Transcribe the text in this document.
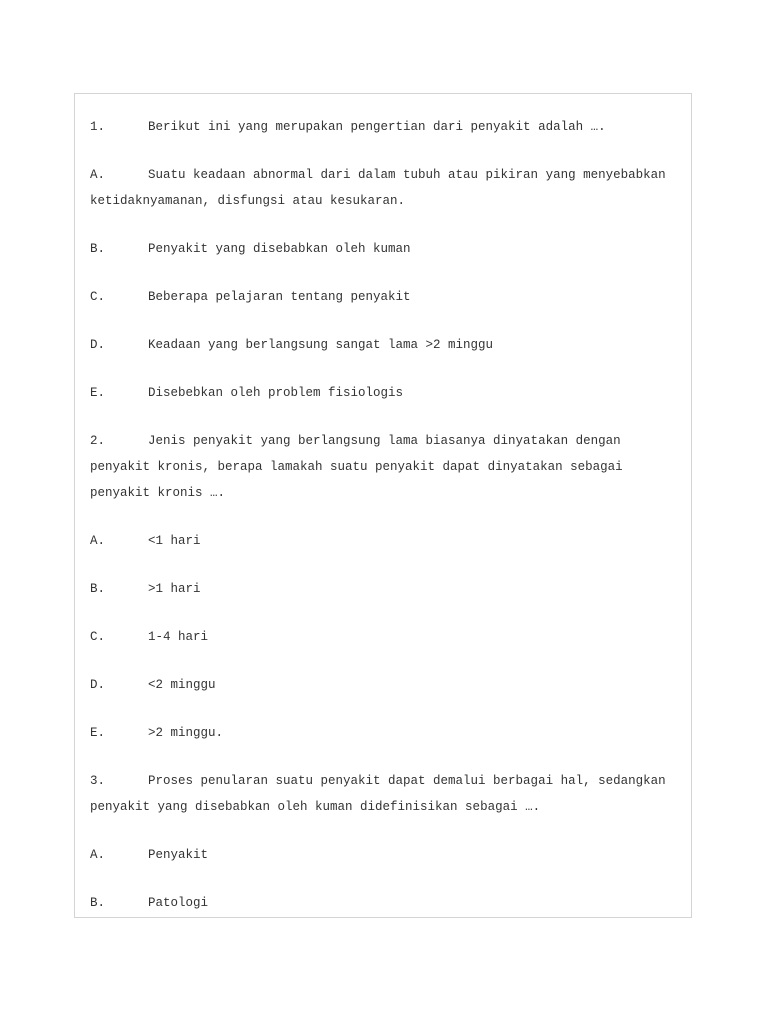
1.	Berikut ini yang merupakan pengertian dari penyakit adalah ….

A.	Suatu keadaan abnormal dari dalam tubuh atau pikiran yang menyebabkan ketidaknyamanan, disfungsi atau kesukaran.

B.	Penyakit yang disebabkan oleh kuman

C.	Beberapa pelajaran tentang penyakit

D.	Keadaan yang berlangsung sangat lama >2 minggu

E.	Disebebkan oleh problem fisiologis

2.	Jenis penyakit yang berlangsung lama biasanya dinyatakan dengan penyakit kronis, berapa lamakah suatu penyakit dapat dinyatakan sebagai penyakit kronis ….

A.	<1 hari

B.	>1 hari

C.	1-4 hari

D.	<2 minggu

E.	>2 minggu.

3.	Proses penularan suatu penyakit dapat demalui berbagai hal, sedangkan penyakit yang disebabkan oleh kuman didefinisikan sebagai ….

A.	Penyakit

B.	Patologi
